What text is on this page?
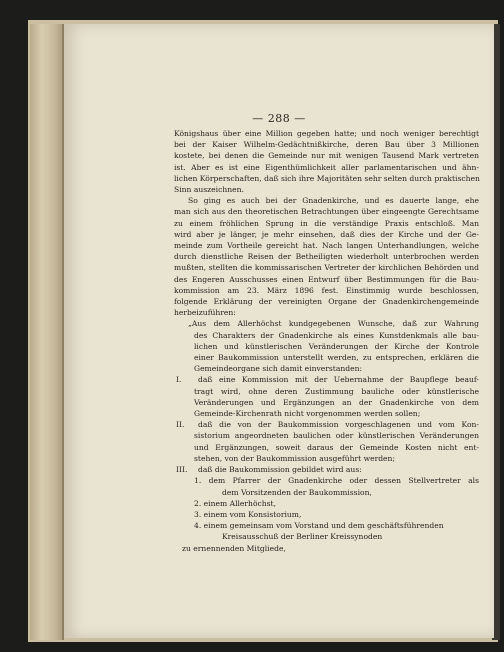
— 288 —
Königshaus über eine Million gegeben hatte; und noch weniger berechtigt
bei der Kaiser Wilhelm-Gedächtnißkirche, deren Bau über 3 Millionen
kostete, bei denen die Gemeinde nur mit wenigen Tausend Mark vertreten
ist. Aber es ist eine Eigenthümlichkeit aller parlamentarischen und ähn-
lichen Körperschaften, daß sich ihre Majoritäten sehr selten durch praktischen
Sinn auszeichnen.
So ging es auch bei der Gnadenkirche, und es dauerte lange, ehe
man sich aus den theoretischen Betrachtungen über eingeengte Gerechtsame
zu einem fröhlichen Sprung in die verständige Praxis entschloß. Man
wird aber je länger, je mehr einsehen, daß dies der Kirche und der Ge-
meinde zum Vortheile gereicht hat. Nach langen Unterhandlungen, welche
durch dienstliche Reisen der Betheiligten wiederholt unterbrochen werden
mußten, stellten die kommissarischen Vertreter der kirchlichen Behörden und
des Engeren Ausschusses einen Entwurf über Bestimmungen für die Bau-
kommission am 23. März 1896 fest. Einstimmig wurde beschlossen,
folgende Erklärung der vereinigten Organe der Gnadenkirchengemeinde
herbeizuführen:
„Aus dem Allerhöchst kundgegebenen Wunsche, daß zur Wahrung
des Charakters der Gnadenkirche als eines Kunstdenkmals alle bau-
lichen und künstlerischen Veränderungen der Kirche der Kontrole
einer Baukommission unterstellt werden, zu entsprechen, erklären die
Gemeindeorgane sich damit einverstanden:
I. daß eine Kommission mit der Uebernahme der Baupflege beauf-
tragt wird, ohne deren Zustimmung bauliche oder künstlerische
Veränderungen und Ergänzungen an der Gnadenkirche von dem
Gemeinde-Kirchenrath nicht vorgenommen werden sollen;
II. daß die von der Baukommission vorgeschlagenen und vom Kon-
sistorium angeordneten baulichen oder künstlerischen Veränderungen
und Ergänzungen, soweit daraus der Gemeinde Kosten nicht ent-
stehen, von der Baukommission ausgeführt werden;
III. daß die Baukommission gebildet wird aus:
1. dem Pfarrer der Gnadenkirche oder dessen Stellvertreter als
dem Vorsitzenden der Baukommission,
2. einem Allerhöchst,
3. einem vom Konsistorium,
4. einem gemeinsam vom Vorstand und dem geschäftsführenden
Kreisausschuß der Berliner Kreissynoden
zu ernennenden Mitgliede,
